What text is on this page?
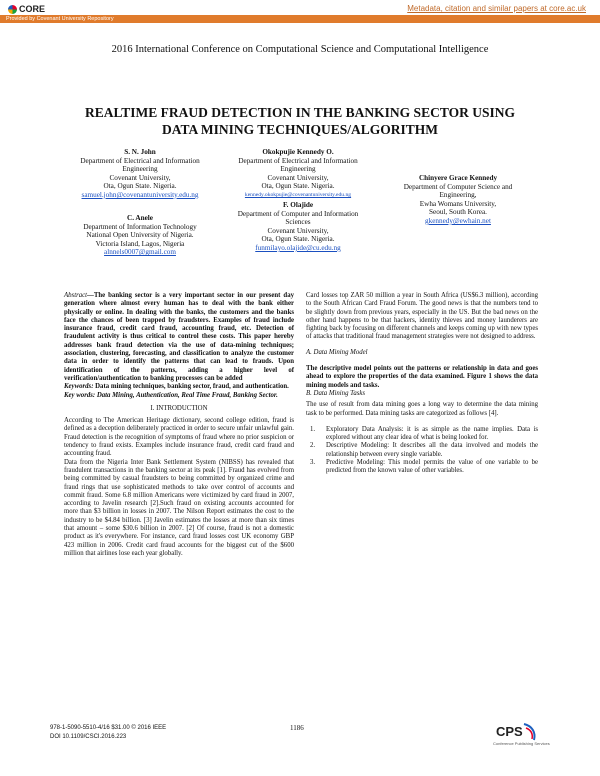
CORE	Metadata, citation and similar papers at core.ac.uk
Provided by Covenant University Repository
2016 International Conference on Computational Science and Computational Intelligence
REALTIME FRAUD DETECTION IN THE BANKING SECTOR USING
DATA MINING TECHNIQUES/ALGORITHM
S. N. John
Department of Electrical and Information
Engineering
Covenant University,
Ota, Ogun State. Nigeria.
samuel.john@covenantuniversity.edu.ng
C. Anele
Department of Information Technology
National Open University of Nigeria.
Victoria Island, Lagos, Nigeria
alnnels0007@gmail.com
Okokpujie Kennedy O.
Department of Electrical and Information
Engineering
Covenant University,
Ota, Ogun State. Nigeria.
kennedy.okokpujie@covenantuniversity.edu.ng
F. Olajide
Department of Computer and Information
Sciences
Covenant University,
Ota, Ogun State. Nigeria.
funmilayo.olajide@cu.edu.ng
Chinyere Grace Kennedy
Department of Computer Science and
Engineering,
Ewha Womans University,
Seoul, South Korea.
gkennedy@ewhain.net

Abstract—The banking sector is a very important sector in our present day generation where almost every human has to deal with the bank either physically or online. In dealing with the banks, the customers and the banks face the chances of been trapped by fraudsters. Examples of fraud include insurance fraud, credit card fraud, accounting fraud, etc. Detection of fraudulent activity is thus critical to control these costs. This paper hereby addresses bank fraud detection via the use of data-mining techniques; association, clustering, forecasting, and classification to analyze the customer data in order to identify the patterns that can lead to frauds. Upon identification of the patterns, adding a higher level of verification/authentication to banking processes can be added

Keywords: Data mining techniques, banking sector, fraud, and authentication.

Key words: Data Mining, Authentication, Real Time Fraud, Banking Sector.

I. INTRODUCTION

According to The American Heritage dictionary, second college edition, fraud is defined as a deception deliberately practiced in order to secure unfair unlawful gain. Fraud detection is the recognition of symptoms of fraud where no prior suspicion or tendency to fraud exists. Examples include insurance fraud, credit card fraud and accounting fraud.

Data from the Nigeria Inter Bank Settlement System (NIBSS) has revealed that fraudulent transactions in the banking sector at its peak [1]. Fraud has evolved from being committed by casual fraudsters to being committed by organized crime and fraud rings that use sophisticated methods to take over control of accounts and commit fraud. Some 6.8 million Americans were victimized by card fraud in 2007, according to Javelin research [2].Such fraud on existing accounts accounted for more than $3 billion in losses in 2007. The Nilson Report estimates the cost to the industry to be $4.84 billion. [3] Javelin estimates the losses at more than six times that amount – some $30.6 billion in 2007. [2] Of course, fraud is not a domestic product as it's everywhere. For instance, card fraud losses cost UK economy GBP 423 million in 2006. Credit card fraud accounts for the biggest cut of the $600 million that airlines lose each year globally.

Card losses top ZAR 50 million a year in South Africa (US$6.3 million), according to the South African Card Fraud Forum. The good news is that the numbers tend to be slightly down from previous years, especially in the US. But the bad news on the other hand happens to be that hackers, identity thieves and money launderers are fighting back by focusing on different channels and keeps coming up with new types of attacks that traditional fraud management strategies were not designed to address.

A. Data Mining Model

The descriptive model points out the patterns or relationship in data and goes ahead to explore the properties of the data examined. Figure 1 shows the data mining models and tasks.

B. Data Mining Tasks

The use of result from data mining goes a long way to determine the data mining task to be performed. Data mining tasks are categorized as follows [4].

1.	Exploratory Data Analysis: it is as simple as the name implies. Data is explored without any clear idea of what is being looked for.
2.	Descriptive Modeling: It describes all the data involved and models the relationship between every single variable.
3.	Predictive Modeling: This model permits the value of one variable to be predicted from the known value of other variables.
978-1-5090-5510-4/16 $31.00 © 2016 IEEE
DOI 10.1109/CSCI.2016.223
1186	CPS
Conference Publishing Services
